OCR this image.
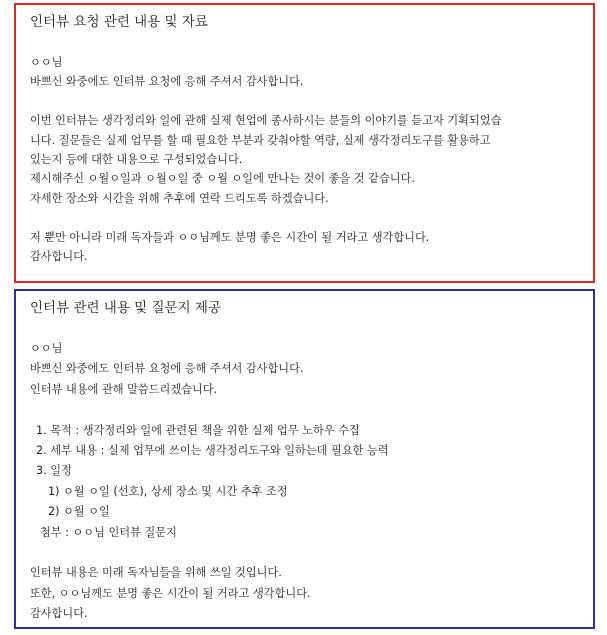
인터뷰 요청 관련 내용 및 자료
ㅇㅇ님
바쁘신 와중에도 인터뷰 요청에 응해 주셔서 감사합니다.
이번 인터뷰는 생각정리와 일에 관해 실제 현업에 종사하시는 분들의 이야기를 듣고자 기획되었습
니다. 질문들은 실제 업무를 할 때 필요한 부분과 갖춰야할 역량, 실제 생각정리도구를 활용하고
있는지 등에 대한 내용으로 구성되었습니다.
제시해주신 ㅇ월ㅇ일과 ㅇ월ㅇ일 중 ㅇ월 ㅇ일에 만나는 것이 좋을 것 같습니다.
자세한 장소와 시간을 위해 추후에 연락 드리도록 하겠습니다.
저 뿐만 아니라 미래 독자들과 ㅇㅇ님께도 분명 좋은 시간이 될 거라고 생각합니다.
감사합니다.
인터뷰 관련 내용 및 질문지 제공
ㅇㅇ님
바쁘신 와중에도 인터뷰 요청에 응해 주셔서 감사합니다.
인터뷰 내용에 관해 말씀드리겠습니다.
1. 목적 : 생각정리와 일에 관련된 책을 위한 실제 업무 노하우 수집
2. 세부 내용 : 실제 업무에 쓰이는 생각정리도구와 일하는데 필요한 능력
3. 일정
1) ㅇ월 ㅇ일 (선호), 상세 장소 및 시간 추후 조정
2) ㅇ월 ㅇ일
첨부 : ㅇㅇ님 인터뷰 질문지
인터뷰 내용은 미래 독자님들을 위해 쓰일 것입니다.
또한, ㅇㅇ님께도 분명 좋은 시간이 될 거라고 생각합니다.
감사합니다.
